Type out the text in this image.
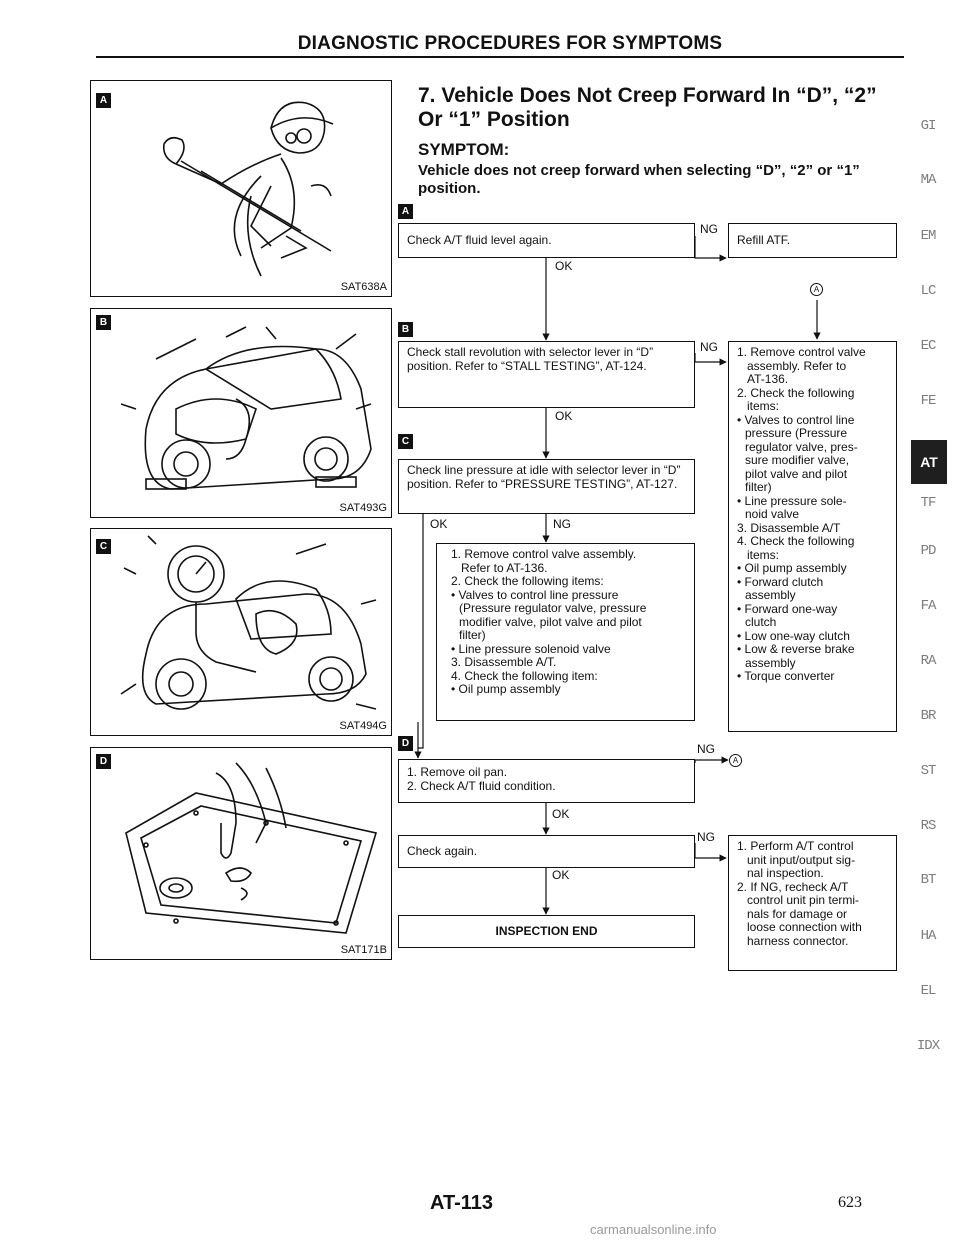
DIAGNOSTIC PROCEDURES FOR SYMPTOMS
A
SAT638A
B
SAT493G
C
SAT494G
D
SAT171B
7. Vehicle Does Not Creep Forward In “D”, “2”
Or “1” Position
SYMPTOM:
Vehicle does not creep forward when selecting “D”, “2” or “1” position.
A
B
C
D
Check A/T fluid level again.	Refill ATF.
Check stall revolution with selector lever in “D” position. Refer to “STALL TESTING”, AT-124.
1. Remove control valve
assembly. Refer to
AT-136.
2. Check the following
items:
• Valves to control line
pressure (Pressure
regulator valve, pres-
sure modifier valve,
pilot valve and pilot
filter)
• Line pressure sole-
noid valve
3. Disassemble A/T
4. Check the following
items:
• Oil pump assembly
• Forward clutch
assembly
• Forward one-way
clutch
• Low one-way clutch
• Low & reverse brake
assembly
• Torque converter
Check line pressure at idle with selector lever in “D” position. Refer to “PRESSURE TESTING”, AT-127.
1. Remove control valve assembly.
Refer to AT-136.
2. Check the following items:
• Valves to control line pressure
(Pressure regulator valve, pressure
modifier valve, pilot valve and pilot
filter)
• Line pressure solenoid valve
3. Disassemble A/T.
4. Check the following item:
• Oil pump assembly
1. Remove oil pan.
2. Check A/T fluid condition.
Check again.	1. Perform A/T control
unit input/output sig-
nal inspection.
2. If NG, recheck A/T
control unit pin termi-
nals for damage or
loose connection with
harness connector.
INSPECTION END
OK
NG
NG
OK
OK	NG
NG
OK
NG
OK
A
A
GI
MA
EM
LC
EC
FE
AT
TF
PD
FA
RA
BR
ST
RS
BT
HA
EL
IDX
AT-113	623
carmanualsonline.info
